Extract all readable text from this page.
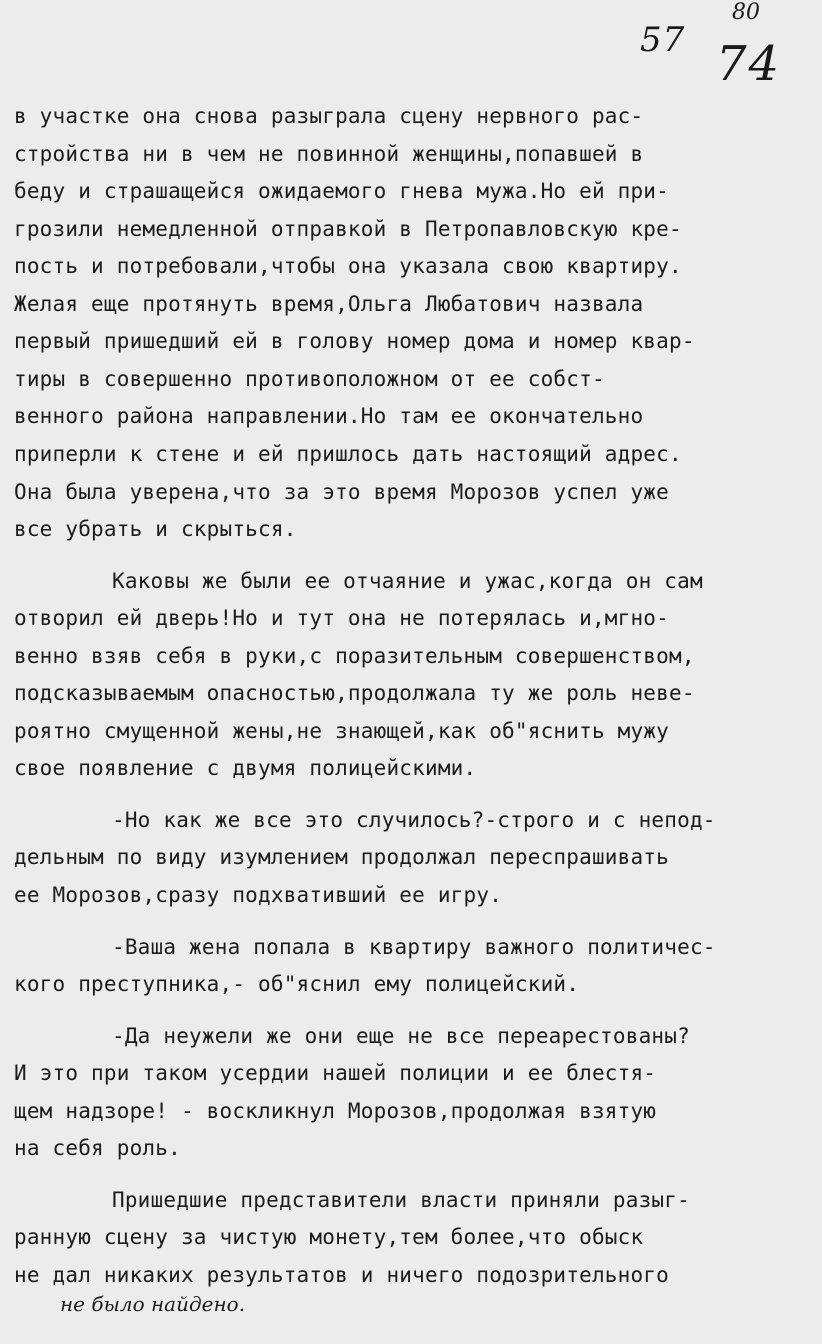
57
80
74
в участке она снова разыграла сцену нервного рас-
стройства ни в чем не повинной женщины,попавшей в
беду и страшащейся ожидаемого гнева мужа.Но ей при-
грозили немедленной отправкой в Петропавловскую кре-
пость и потребовали,чтобы она указала свою квартиру.
Желая еще протянуть время,Ольга Любатович назвала
первый пришедший ей в голову номер дома и номер квар-
тиры в совершенно противоположном от ее собст-
венного района направлении.Но там ее окончательно
приперли к стене и ей пришлось дать настоящий адрес.
Она была уверена,что за это время Морозов успел уже
все убрать и скрыться.
Каковы же были ее отчаяние и ужас,когда он сам
отворил ей дверь!Но и тут она не потерялась и,мгно-
венно взяв себя в руки,с поразительным совершенством,
подсказываемым опасностью,продолжала ту же роль неве-
роятно смущенной жены,не знающей,как об"яснить мужу
свое появление с двумя полицейскими.
-Но как же все это случилось?-строго и с непод-
дельным по виду изумлением продолжал переспрашивать
ее Морозов,сразу подхвативший ее игру.
-Ваша жена попала в квартиру важного политичес-
кого преступника,- об"яснил ему полицейский.
-Да неужели же они еще не все переарестованы?
И это при таком усердии нашей полиции и ее блестя-
щем надзоре! - воскликнул Морозов,продолжая взятую
на себя роль.
Пришедшие представители власти приняли разыг-
ранную сцену за чистую монету,тем более,что обыск
не дал никаких результатов и ничего подозрительного
не было найдено.
